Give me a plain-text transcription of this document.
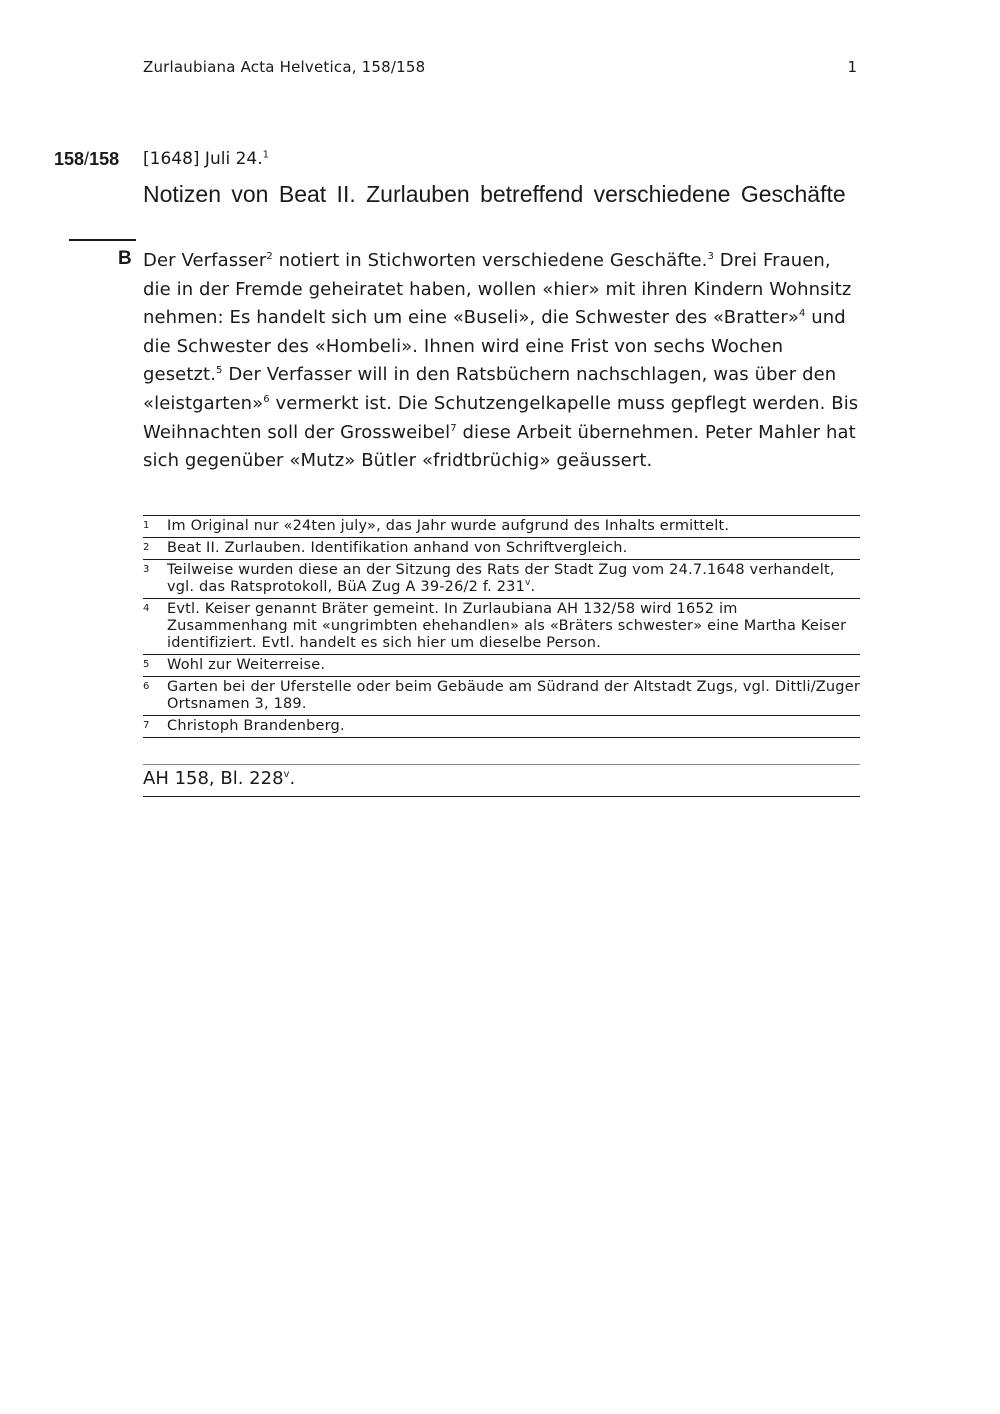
Zurlaubiana Acta Helvetica, 158/158	1
158/158 [1648] Juli 24.$^1$
Notizen von Beat II. Zurlauben betreffend verschiedene Geschäfte
B Der Verfasser$^2$ notiert in Stichworten verschiedene Geschäfte.$^3$ Drei Frauen, die in der Fremde geheiratet haben, wollen «hier» mit ihren Kindern Wohnsitz nehmen: Es handelt sich um eine «Buseli», die Schwester des «Bratter»$^4$ und die Schwester des «Hombeli». Ihnen wird eine Frist von sechs Wochen gesetzt.$^5$ Der Verfasser will in den Ratsbüchern nachschlagen, was über den «leistgarten»$^6$ vermerkt ist. Die Schutzengelkapelle muss gepflegt werden. Bis Weihnachten soll der Grossweibel$^7$ diese Arbeit übernehmen. Peter Mahler hat sich gegenüber «Mutz» Bütler «fridtbrüchig» geäussert.
1 Im Original nur «24ten july», das Jahr wurde aufgrund des Inhalts ermittelt.
2 Beat II. Zurlauben. Identifikation anhand von Schriftvergleich.
3 Teilweise wurden diese an der Sitzung des Rats der Stadt Zug vom 24.7.1648 verhandelt, vgl. das Ratsprotokoll, BüA Zug A 39-26/2 f. 231$^v$.
4 Evtl. Keiser genannt Bräter gemeint. In Zurlaubiana AH 132/58 wird 1652 im Zusammenhang mit «ungrimbten ehehandlen» als «Bräters schwester» eine Martha Keiser identifiziert. Evtl. handelt es sich hier um dieselbe Person.
5 Wohl zur Weiterreise.
6 Garten bei der Uferstelle oder beim Gebäude am Südrand der Altstadt Zugs, vgl. Dittli/Zuger Ortsnamen 3, 189.
7 Christoph Brandenberg.
AH 158, Bl. 228$^v$.
